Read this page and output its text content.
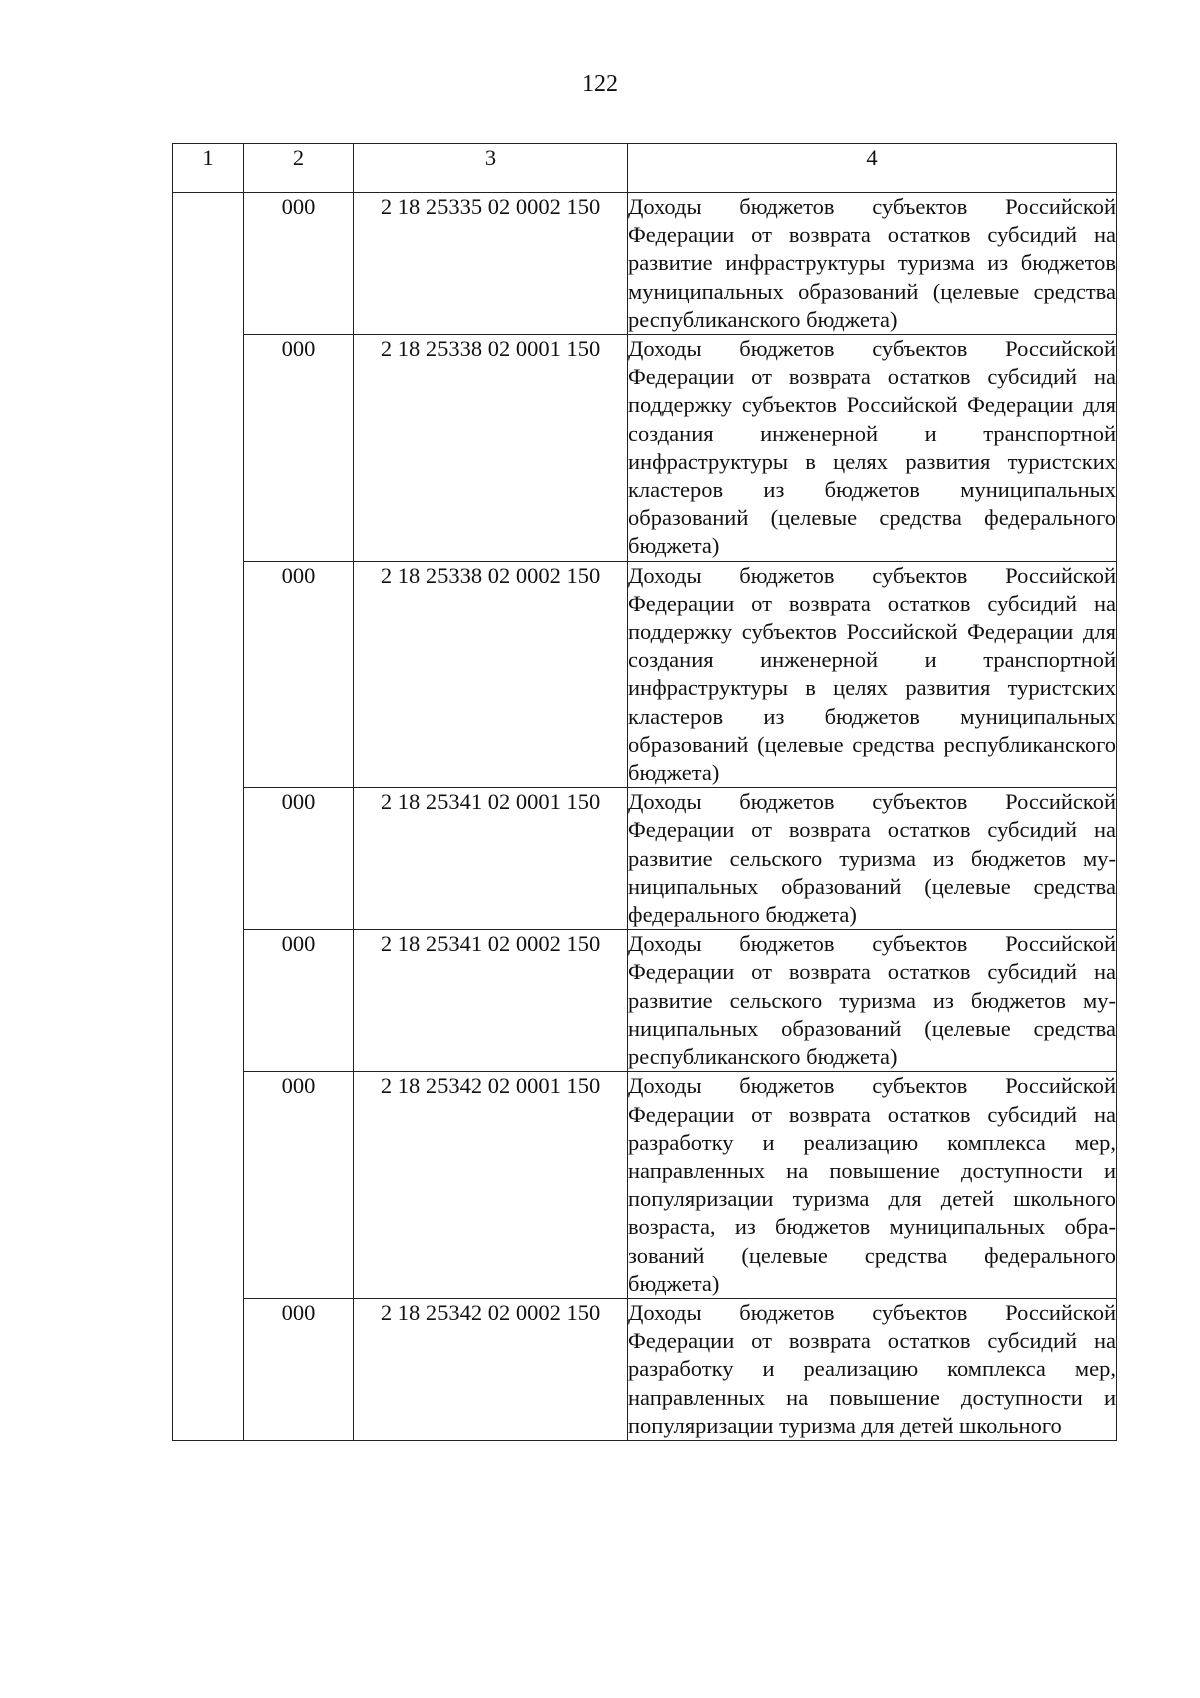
122
1	2	3	4
	000	2 18 25335 02 0002 150	Доходы бюджетов субъектов Российской Федерации от возврата остатков субсидий на развитие инфраструктуры туризма из бюджетов муниципальных образований (целевые средства республиканского бюджета)
	000	2 18 25338 02 0001 150	Доходы бюджетов субъектов Российской Федерации от возврата остатков субсидий на поддержку субъектов Российской Федерации для создания инженерной и транспортной инфраструктуры в целях развития туристских кластеров из бюджетов муниципальных образований (целевые средства федерального бюджета)
	000	2 18 25338 02 0002 150	Доходы бюджетов субъектов Российской Федерации от возврата остатков субсидий на поддержку субъектов Российской Федерации для создания инженерной и транспортной инфраструктуры в целях развития туристских кластеров из бюджетов муниципальных образований (целевые средства республиканского бюджета)
	000	2 18 25341 02 0001 150	Доходы бюджетов субъектов Российской Федерации от возврата остатков субсидий на развитие сельского туризма из бюджетов муниципальных образований (целевые средства федерального бюджета)
	000	2 18 25341 02 0002 150	Доходы бюджетов субъектов Российской Федерации от возврата остатков субсидий на развитие сельского туризма из бюджетов муниципальных образований (целевые средства республиканского бюджета)
	000	2 18 25342 02 0001 150	Доходы бюджетов субъектов Российской Федерации от возврата остатков субсидий на разработку и реализацию комплекса мер, направленных на повышение доступности и популяризации туризма для детей школьного возраста, из бюджетов муниципальных образований (целевые средства федерального бюджета)
	000	2 18 25342 02 0002 150	Доходы бюджетов субъектов Российской Федерации от возврата остатков субсидий на разработку и реализацию комплекса мер, направленных на повышение доступности и популяризации туризма для детей школьного
